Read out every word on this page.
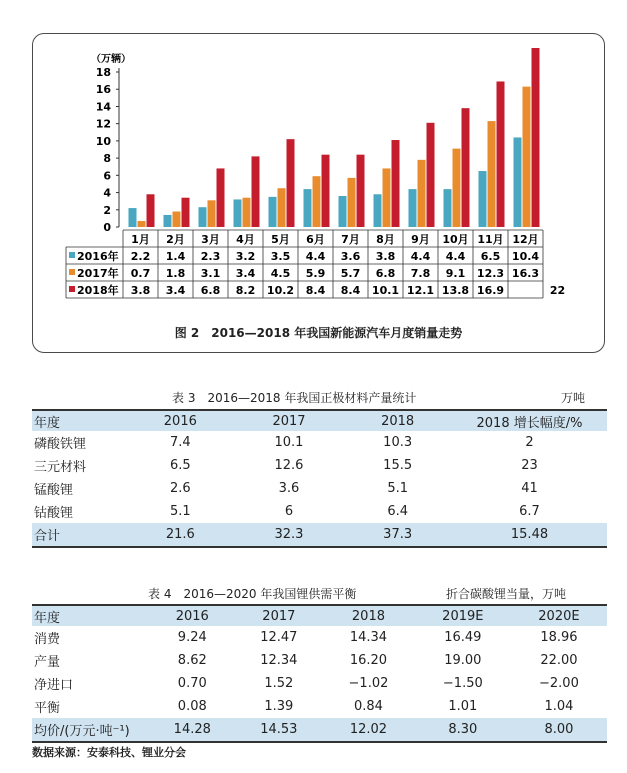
（万辆）
0
2
4
6
8
10
12
14
16
18
1月 2月 3月 4月 5月 6月 7月 8月 9月 10月 11月 12月
2016年 2.2 1.4 2.3 3.2 3.5 4.4 3.6 3.8 4.4 4.4 6.5 10.4
2017年 0.7 1.8 3.1 3.4 4.5 5.9 5.7 6.8 7.8 9.1 12.3 16.3
2018年 3.8 3.4 6.8 8.2 10.2 8.4 8.4 10.1 12.1 13.8 16.9	22
图 2　2016—2018 年我国新能源汽车月度销量走势
表 3　2016—2018 年我国正极材料产量统计	万吨
年度	2016	2017	2018	2018 增长幅度/%
磷酸铁锂	7.4	10.1	10.3	2
三元材料	6.5	12.6	15.5	23
锰酸锂	2.6	3.6	5.1	41
钴酸锂	5.1	6	6.4	6.7
合计	21.6	32.3	37.3	15.48
表 4　2016—2020 年我国锂供需平衡	折合碳酸锂当量，万吨
年度	2016	2017	2018	2019E	2020E
消费	9.24	12.47	14.34	16.49	18.96
产量	8.62	12.34	16.20	19.00	22.00
净进口	0.70	1.52	−1.02	−1.50	−2.00
平衡	0.08	1.39	0.84	1.01	1.04
均价/(万元·吨⁻¹)	14.28	14.53	12.02	8.30	8.00
数据来源：安泰科技、锂业分会
